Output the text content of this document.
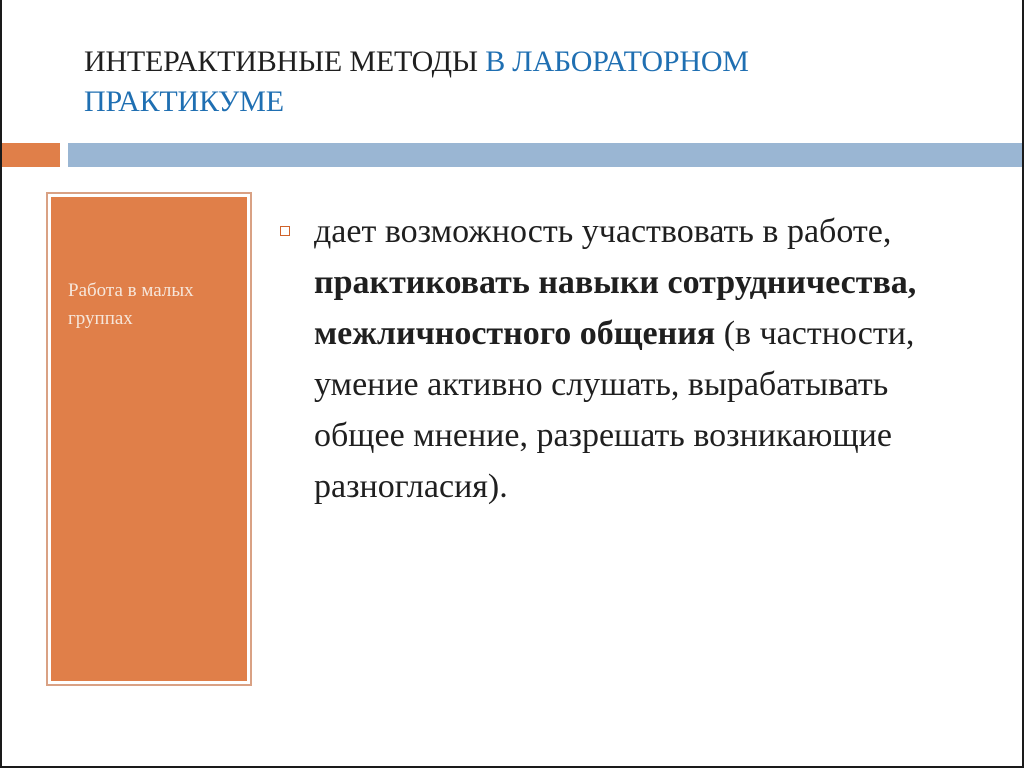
ИНТЕРАКТИВНЫЕ МЕТОДЫ В ЛАБОРАТОРНОМ ПРАКТИКУМЕ
Работа в малых группах
дает возможность участвовать в работе, практиковать навыки сотрудничества, межличностного общения (в частности, умение активно слушать, вырабатывать общее мнение, разрешать возникающие разногласия).
